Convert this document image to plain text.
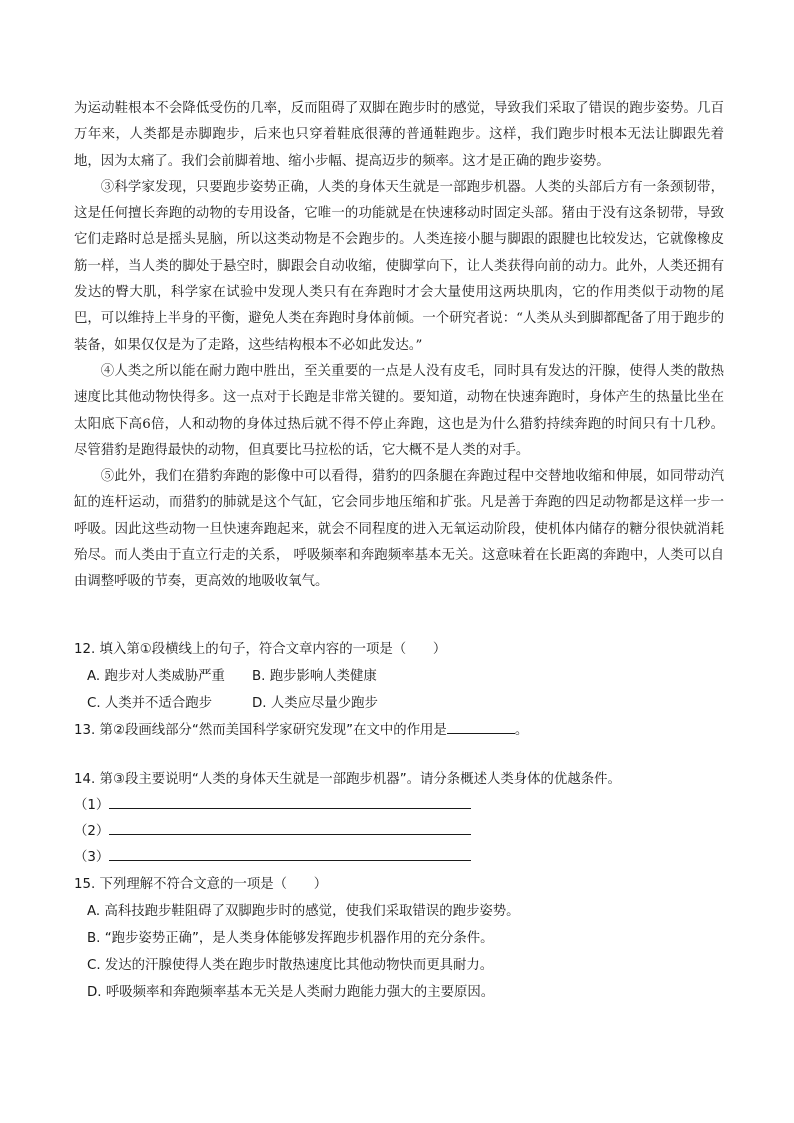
为运动鞋根本不会降低受伤的几率，反而阻碍了双脚在跑步时的感觉，导致我们采取了错误的跑步姿势。几百万年来，人类都是赤脚跑步，后来也只穿着鞋底很薄的普通鞋跑步。这样，我们跑步时根本无法让脚跟先着地，因为太痛了。我们会前脚着地、缩小步幅、提高迈步的频率。这才是正确的跑步姿势。

③科学家发现，只要跑步姿势正确，人类的身体天生就是一部跑步机器。人类的头部后方有一条颈韧带，这是任何擅长奔跑的动物的专用设备，它唯一的功能就是在快速移动时固定头部。猪由于没有这条韧带，导致它们走路时总是摇头晃脑，所以这类动物是不会跑步的。人类连接小腿与脚跟的跟腱也比较发达，它就像橡皮筋一样，当人类的脚处于悬空时，脚跟会自动收缩，使脚掌向下，让人类获得向前的动力。此外，人类还拥有发达的臀大肌，科学家在试验中发现人类只有在奔跑时才会大量使用这两块肌肉，它的作用类似于动物的尾巴，可以维持上半身的平衡，避免人类在奔跑时身体前倾。一个研究者说：“人类从头到脚都配备了用于跑步的装备，如果仅仅是为了走路，这些结构根本不必如此发达。”

④人类之所以能在耐力跑中胜出，至关重要的一点是人没有皮毛，同时具有发达的汗腺，使得人类的散热速度比其他动物快得多。这一点对于长跑是非常关键的。要知道，动物在快速奔跑时，身体产生的热量比坐在太阳底下高6倍，人和动物的身体过热后就不得不停止奔跑，这也是为什么猎豹持续奔跑的时间只有十几秒。尽管猎豹是跑得最快的动物，但真要比马拉松的话，它大概不是人类的对手。

⑤此外，我们在猎豹奔跑的影像中可以看得，猎豹的四条腿在奔跑过程中交替地收缩和伸展，如同带动汽缸的连杆运动，而猎豹的肺就是这个气缸，它会同步地压缩和扩张。凡是善于奔跑的四足动物都是这样一步一呼吸。因此这些动物一旦快速奔跑起来，就会不同程度的进入无氧运动阶段，使机体内储存的糖分很快就消耗殆尽。而人类由于直立行走的关系， 呼吸频率和奔跑频率基本无关。这意味着在长距离的奔跑中，人类可以自由调整呼吸的节奏，更高效的地吸收氧气。

12. 填入第①段横线上的句子，符合文章内容的一项是（　　）
A. 跑步对人类威胁严重 B. 跑步影响人类健康
C. 人类并不适合跑步	D. 人类应尽量少跑步
13. 第②段画线部分“然而美国科学家研究发现”在文中的作用是	。
14. 第③段主要说明“人类的身体天生就是一部跑步机器”。请分条概述人类身体的优越条件。
（1）
（2）
（3）
15. 下列理解不符合文意的一项是（　　）
A. 高科技跑步鞋阻碍了双脚跑步时的感觉，使我们采取错误的跑步姿势。
B. “跑步姿势正确”，是人类身体能够发挥跑步机器作用的充分条件。
C. 发达的汗腺使得人类在跑步时散热速度比其他动物快而更具耐力。
D. 呼吸频率和奔跑频率基本无关是人类耐力跑能力强大的主要原因。
